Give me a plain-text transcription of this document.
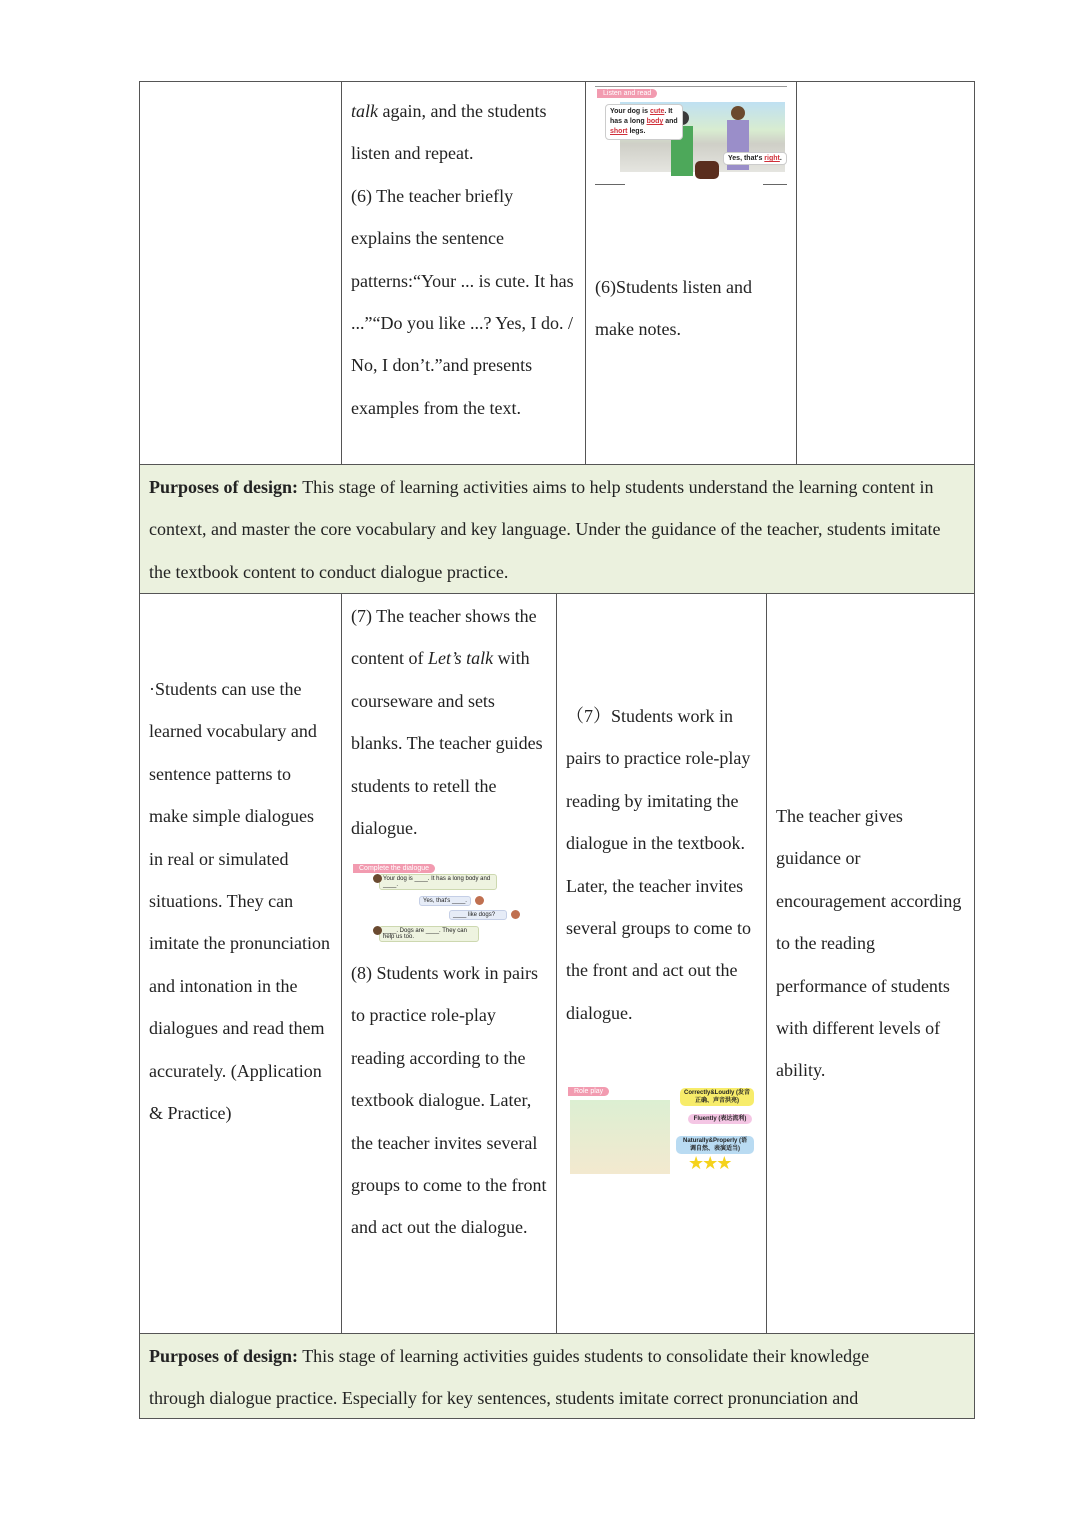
talk again, and the students listen and repeat.

(6) The teacher briefly explains the sentence patterns:“Your ... is cute. It has ...”“Do you like ...? Yes, I do. / No, I don’t.”and presents examples from the text.

Listen and read
Your dog is cute. It has a long body and short legs.
Yes, that's right.

(6)Students listen and make notes.

Purposes of design: This stage of learning activities aims to help students understand the learning content in context, and master the core vocabulary and key language. Under the guidance of the teacher, students imitate the textbook content to conduct dialogue practice.

·Students can use the learned vocabulary and sentence patterns to make simple dialogues in real or simulated situations. They can imitate the pronunciation and intonation in the dialogues and read them accurately. (Application & Practice)

(7) The teacher shows the content of Let’s talk with courseware and sets blanks. The teacher guides students to retell the dialogue.

Complete the dialogue
Your dog is ____. It has a long body and ____.
Yes, that's ____.
____ like dogs?
____. Dogs are ____. They can help us too.

(8) Students work in pairs to practice role-play reading according to the textbook dialogue. Later, the teacher invites several groups to come to the front and act out the dialogue.

（7）Students work in pairs to practice role-play reading by imitating the dialogue in the textbook. Later, the teacher invites several groups to come to the front and act out the dialogue.

Role play	Correctly&Loudly (发音正确、声音洪亮)
Fluently (表达流利)
Naturally&Properly (语调自然、表演适当)
★★★

The teacher gives guidance or encouragement according to the reading performance of students with different levels of ability.

Purposes of design: This stage of learning activities guides students to consolidate their knowledge through dialogue practice. Especially for key sentences, students imitate correct pronunciation and
